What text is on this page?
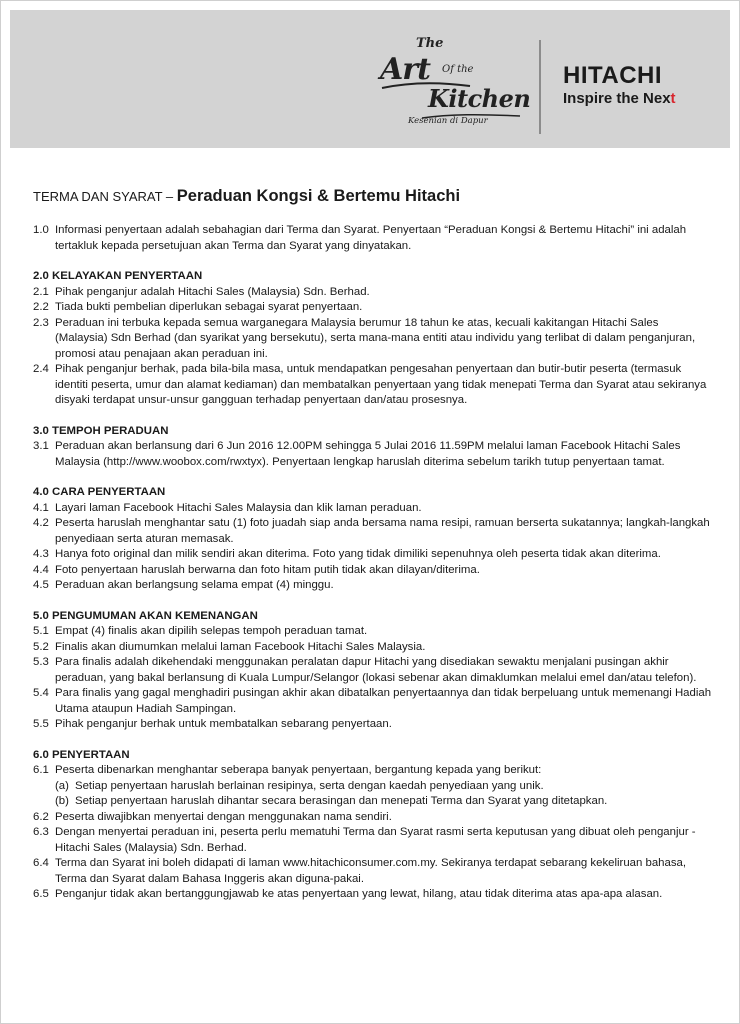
The
Art Of the
Kitchen
Kesenian di Dapur
HITACHI
Inspire the Next
TERMA DAN SYARAT – Peraduan Kongsi & Bertemu Hitachi
1.0 Informasi penyertaan adalah sebahagian dari Terma dan Syarat. Penyertaan “Peraduan Kongsi & Bertemu Hitachi” ini adalah tertakluk kepada persetujuan akan Terma dan Syarat yang dinyatakan.
2.0 KELAYAKAN PENYERTAAN
2.1 Pihak penganjur adalah Hitachi Sales (Malaysia) Sdn. Berhad.
2.2 Tiada bukti pembelian diperlukan sebagai syarat penyertaan.
2.3 Peraduan ini terbuka kepada semua warganegara Malaysia berumur 18 tahun ke atas, kecuali kakitangan Hitachi Sales (Malaysia) Sdn Berhad (dan syarikat yang bersekutu), serta mana-mana entiti atau individu yang terlibat di dalam penganjuran, promosi atau penajaan akan peraduan ini.
2.4 Pihak penganjur berhak, pada bila-bila masa, untuk mendapatkan pengesahan penyertaan dan butir-butir peserta (termasuk identiti peserta, umur dan alamat kediaman) dan membatalkan penyertaan yang tidak menepati Terma dan Syarat atau sekiranya disyaki terdapat unsur-unsur gangguan terhadap penyertaan dan/atau prosesnya.
3.0 TEMPOH PERADUAN
3.1 Peraduan akan berlansung dari 6 Jun 2016 12.00PM sehingga 5 Julai 2016 11.59PM melalui laman Facebook Hitachi Sales Malaysia (http://www.woobox.com/rwxtyx). Penyertaan lengkap haruslah diterima sebelum tarikh tutup penyertaan tamat.
4.0 CARA PENYERTAAN
4.1 Layari laman Facebook Hitachi Sales Malaysia dan klik laman peraduan.
4.2 Peserta haruslah menghantar satu (1) foto juadah siap anda bersama nama resipi, ramuan berserta sukatannya; langkah-langkah penyediaan serta aturan memasak.
4.3 Hanya foto original dan milik sendiri akan diterima. Foto yang tidak dimiliki sepenuhnya oleh peserta tidak akan diterima.
4.4 Foto penyertaan haruslah berwarna dan foto hitam putih tidak akan dilayan/diterima.
4.5 Peraduan akan berlangsung selama empat (4) minggu.
5.0 PENGUMUMAN AKAN KEMENANGAN
5.1 Empat (4) finalis akan dipilih selepas tempoh peraduan tamat.
5.2 Finalis akan diumumkan melalui laman Facebook Hitachi Sales Malaysia.
5.3 Para finalis adalah dikehendaki menggunakan peralatan dapur Hitachi yang disediakan sewaktu menjalani pusingan akhir peraduan, yang bakal berlansung di Kuala Lumpur/Selangor (lokasi sebenar akan dimaklumkan melalui emel dan/atau telefon).
5.4 Para finalis yang gagal menghadiri pusingan akhir akan dibatalkan penyertaannya dan tidak berpeluang untuk memenangi Hadiah Utama ataupun Hadiah Sampingan.
5.5 Pihak penganjur berhak untuk membatalkan sebarang penyertaan.
6.0 PENYERTAAN
6.1 Peserta dibenarkan menghantar seberapa banyak penyertaan, bergantung kepada yang berikut:
(a) Setiap penyertaan haruslah berlainan resipinya, serta dengan kaedah penyediaan yang unik.
(b) Setiap penyertaan haruslah dihantar secara berasingan dan menepati Terma dan Syarat yang ditetapkan.
6.2 Peserta diwajibkan menyertai dengan menggunakan nama sendiri.
6.3 Dengan menyertai peraduan ini, peserta perlu mematuhi Terma dan Syarat rasmi serta keputusan yang dibuat oleh penganjur - Hitachi Sales (Malaysia) Sdn. Berhad.
6.4 Terma dan Syarat ini boleh didapati di laman www.hitachiconsumer.com.my. Sekiranya terdapat sebarang kekeliruan bahasa, Terma dan Syarat dalam Bahasa Inggeris akan diguna-pakai.
6.5 Penganjur tidak akan bertanggungjawab ke atas penyertaan yang lewat, hilang, atau tidak diterima atas apa-apa alasan.
